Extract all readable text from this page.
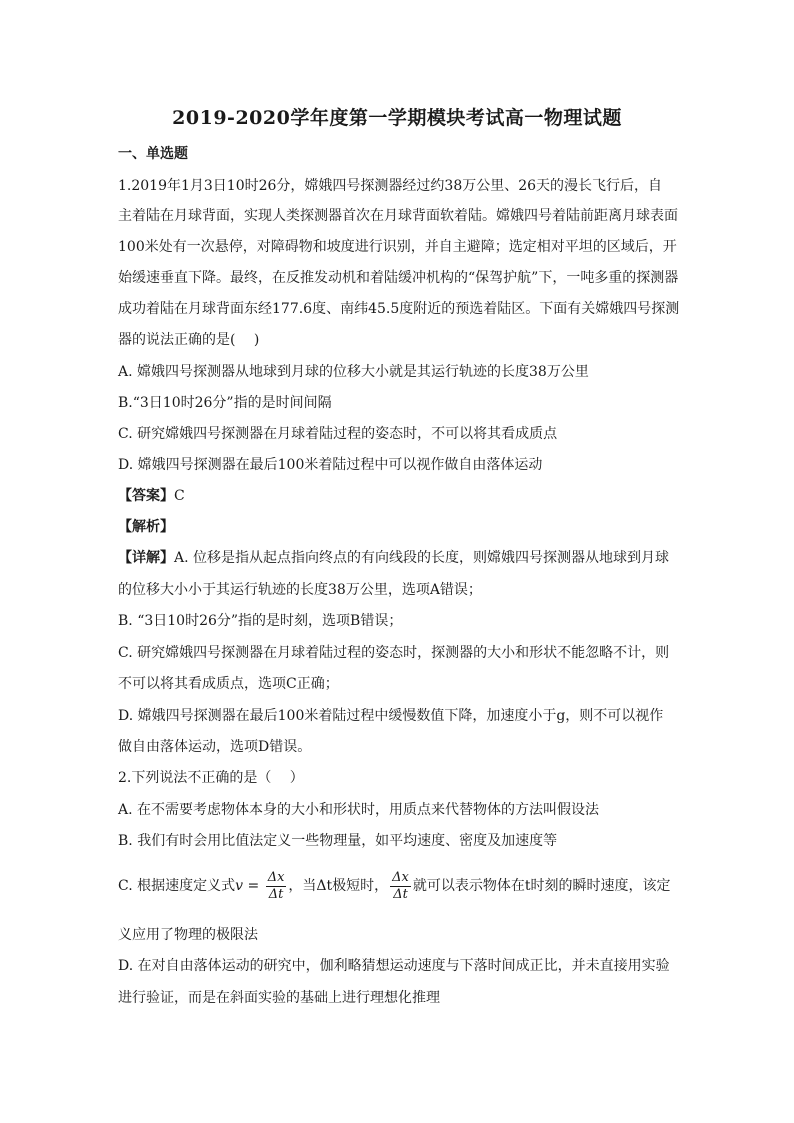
2019-2020学年度第一学期模块考试高一物理试题
一、单选题
1.2019年1月3日10时26分，嫦娥四号探测器经过约38万公里、26天的漫长飞行后，自
主着陆在月球背面，实现人类探测器首次在月球背面软着陆。嫦娥四号着陆前距离月球表面
100米处有一次悬停，对障碍物和坡度进行识别，并自主避障；选定相对平坦的区域后，开
始缓速垂直下降。最终，在反推发动机和着陆缓冲机构的“保驾护航”下，一吨多重的探测器
成功着陆在月球背面东经177.6度、南纬45.5度附近的预选着陆区。下面有关嫦娥四号探测
器的说法正确的是(　 )
A. 嫦娥四号探测器从地球到月球的位移大小就是其运行轨迹的长度38万公里
B.“3日10时26分”指的是时间间隔
C. 研究嫦娥四号探测器在月球着陆过程的姿态时，不可以将其看成质点
D. 嫦娥四号探测器在最后100米着陆过程中可以视作做自由落体运动
【答案】C
【解析】
【详解】A. 位移是指从起点指向终点的有向线段的长度，则嫦娥四号探测器从地球到月球
的位移大小小于其运行轨迹的长度38万公里，选项A错误；
B. “3日10时26分”指的是时刻，选项B错误；
C. 研究嫦娥四号探测器在月球着陆过程的姿态时，探测器的大小和形状不能忽略不计，则
不可以将其看成质点，选项C正确；
D. 嫦娥四号探测器在最后100米着陆过程中缓慢数值下降，加速度小于g，则不可以视作
做自由落体运动，选项D错误。
2.下列说法不正确的是（　 ）
A. 在不需要考虑物体本身的大小和形状时，用质点来代替物体的方法叫假设法
B. 我们有时会用比值法定义一些物理量，如平均速度、密度及加速度等
C. 根据速度定义式$v = \frac{\Delta x}{\Delta t}$ ，当Δt极短时， $\frac{\Delta x}{\Delta t}$ 就可以表示物体在t时刻的瞬时速度，该定
义应用了物理的极限法
D. 在对自由落体运动的研究中，伽利略猜想运动速度与下落时间成正比，并未直接用实验
进行验证，而是在斜面实验的基础上进行理想化推理
